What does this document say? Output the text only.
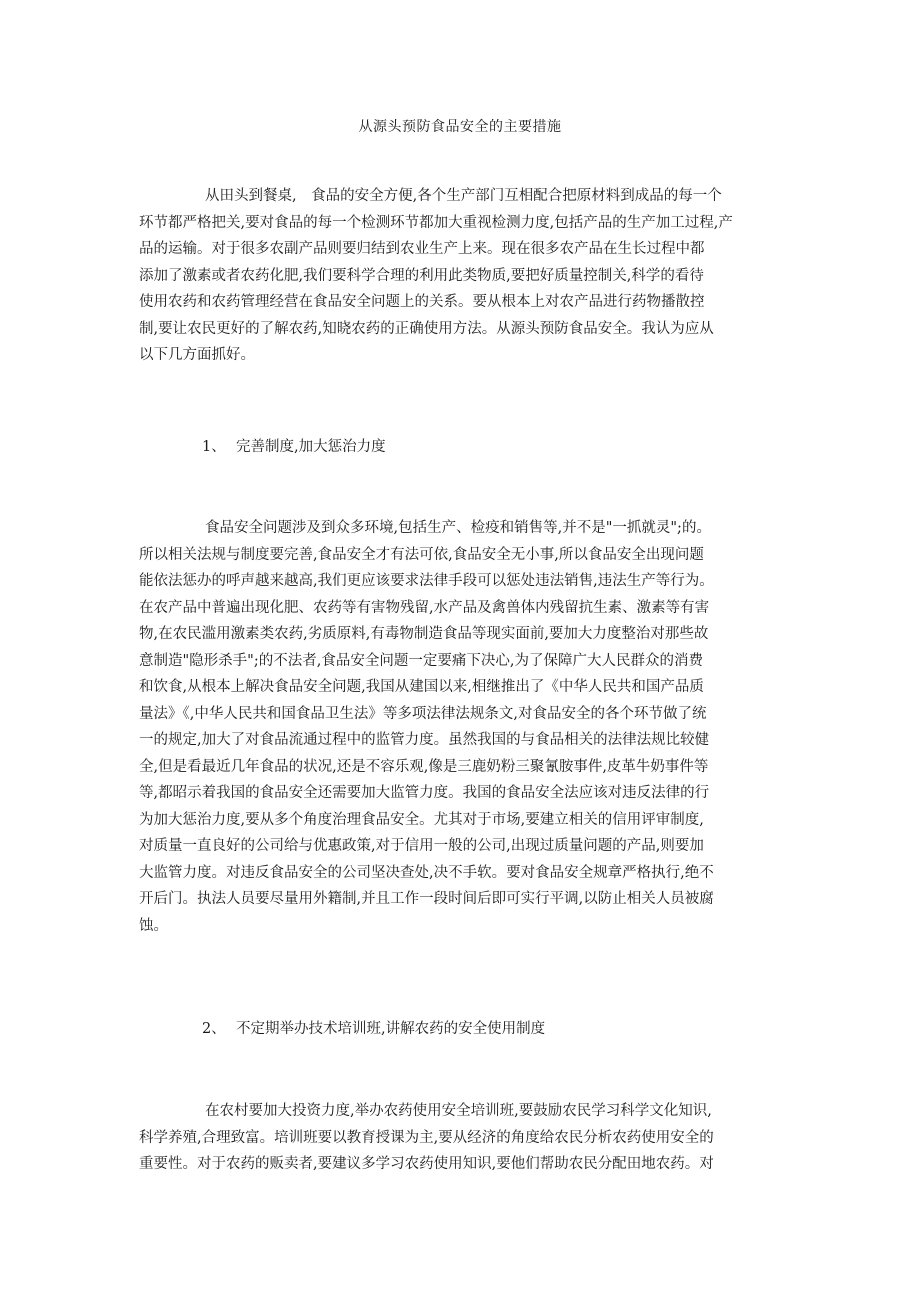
从源头预防食品安全的主要措施
从田头到餐桌,　食品的安全方便,各个生产部门互相配合把原材料到成品的每一个
环节都严格把关,要对食品的每一个检测环节都加大重视检测力度,包括产品的生产加工过程,产
品的运输。对于很多农副产品则要归结到农业生产上来。现在很多农产品在生长过程中都
添加了激素或者农药化肥,我们要科学合理的利用此类物质,要把好质量控制关,科学的看待
使用农药和农药管理经营在食品安全问题上的关系。要从根本上对农产品进行药物播散控
制,要让农民更好的了解农药,知晓农药的正确使用方法。从源头预防食品安全。我认为应从
以下几方面抓好。
1、 完善制度,加大惩治力度
食品安全问题涉及到众多环境,包括生产、检疫和销售等,并不是"一抓就灵";的。
所以相关法规与制度要完善,食品安全才有法可依,食品安全无小事,所以食品安全出现问题
能依法惩办的呼声越来越高,我们更应该要求法律手段可以惩处违法销售,违法生产等行为。
在农产品中普遍出现化肥、农药等有害物残留,水产品及禽兽体内残留抗生素、激素等有害
物,在农民滥用激素类农药,劣质原料,有毒物制造食品等现实面前,要加大力度整治对那些故
意制造"隐形杀手";的不法者,食品安全问题一定要痛下决心,为了保障广大人民群众的消费
和饮食,从根本上解决食品安全问题,我国从建国以来,相继推出了《中华人民共和国产品质
量法》《,中华人民共和国食品卫生法》等多项法律法规条文,对食品安全的各个环节做了统
一的规定,加大了对食品流通过程中的监管力度。虽然我国的与食品相关的法律法规比较健
全,但是看最近几年食品的状况,还是不容乐观,像是三鹿奶粉三聚氰胺事件,皮革牛奶事件等
等,都昭示着我国的食品安全还需要加大监管力度。我国的食品安全法应该对违反法律的行
为加大惩治力度,要从多个角度治理食品安全。尤其对于市场,要建立相关的信用评审制度,
对质量一直良好的公司给与优惠政策,对于信用一般的公司,出现过质量问题的产品,则要加
大监管力度。对违反食品安全的公司坚决查处,决不手软。要对食品安全规章严格执行,绝不
开后门。执法人员要尽量用外籍制,并且工作一段时间后即可实行平调,以防止相关人员被腐
蚀。
2、 不定期举办技术培训班,讲解农药的安全使用制度
在农村要加大投资力度,举办农药使用安全培训班,要鼓励农民学习科学文化知识,
科学养殖,合理致富。培训班要以教育授课为主,要从经济的角度给农民分析农药使用安全的
重要性。对于农药的贩卖者,要建议多学习农药使用知识,要他们帮助农民分配田地农药。对
